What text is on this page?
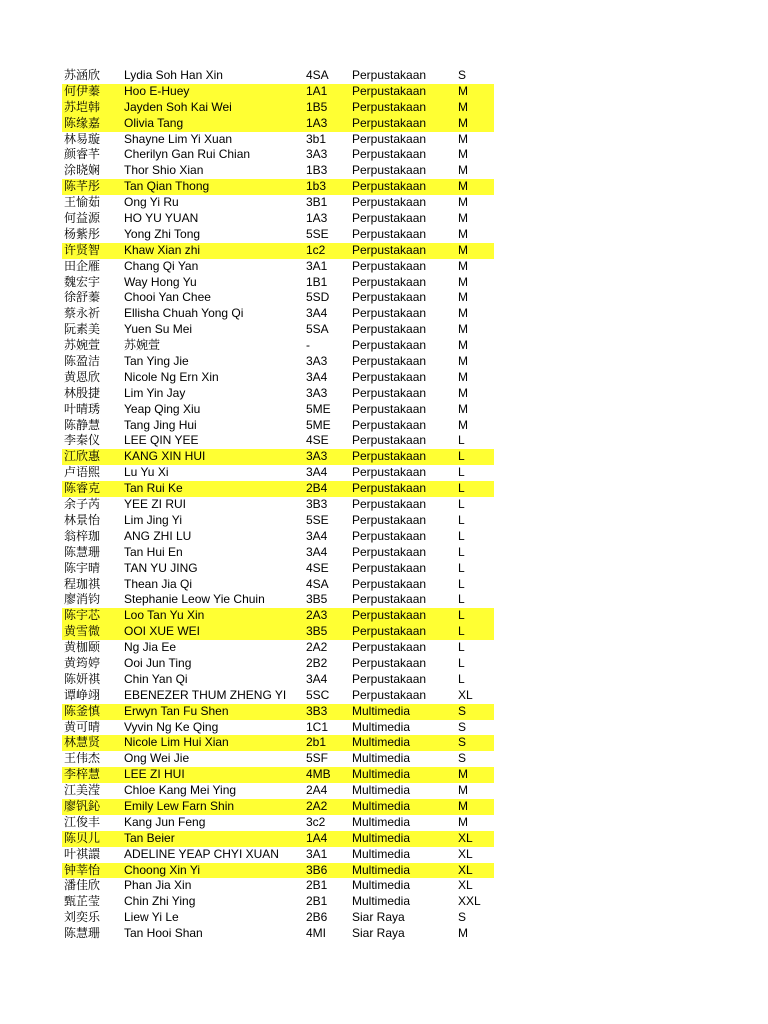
苏涵欣 Lydia Soh Han Xin	4SA Perpustakaan	S
何伊蓁 Hoo E-Huey	1A1 Perpustakaan	M
苏垲韩 Jayden Soh Kai Wei	1B5 Perpustakaan	M
陈缘嘉 Olivia Tang	1A3 Perpustakaan	M
林易璇 Shayne Lim Yi Xuan	3b1 Perpustakaan	M
颜睿芊 Cherilyn Gan Rui Chian	3A3 Perpustakaan	M
涂晓娴 Thor Shio Xian	1B3 Perpustakaan	M
陈芊彤 Tan Qian Thong	1b3 Perpustakaan	M
王愉茹 Ong Yi Ru	3B1 Perpustakaan	M
何益源 HO YU YUAN	1A3 Perpustakaan	M
杨紫彤 Yong Zhi Tong	5SE Perpustakaan	M
许贤智 Khaw Xian zhi	1c2 Perpustakaan	M
田企雁 Chang Qi Yan	3A1 Perpustakaan	M
魏宏宇 Way Hong Yu	1B1 Perpustakaan	M
徐舒蓁 Chooi Yan Chee	5SD Perpustakaan	M
蔡永祈 Ellisha Chuah Yong Qi	3A4 Perpustakaan	M
阮素美 Yuen Su Mei	5SA Perpustakaan	M
苏婉萱 苏婉萱	-	Perpustakaan	M
陈盈洁 Tan Ying Jie	3A3 Perpustakaan	M
黄恩欣 Nicole Ng Ern Xin	3A4 Perpustakaan	M
林殷捷 Lim Yin Jay	3A3 Perpustakaan	M
叶晴琇 Yeap Qing Xiu	5ME Perpustakaan	M
陈静慧 Tang Jing Hui	5ME Perpustakaan	M
李秦仪 LEE QIN YEE	4SE Perpustakaan	L
江欣惠 KANG XIN HUI	3A3 Perpustakaan	L
卢语熙 Lu Yu Xi	3A4 Perpustakaan	L
陈睿克 Tan Rui Ke	2B4 Perpustakaan	L
余子芮 YEE ZI RUI	3B3 Perpustakaan	L
林景怡 Lim Jing Yi	5SE Perpustakaan	L
翁梓珈 ANG ZHI LU	3A4 Perpustakaan	L
陈慧珊 Tan Hui En	3A4 Perpustakaan	L
陈宇晴 TAN YU JING	4SE Perpustakaan	L
程珈祺 Thean Jia Qi	4SA Perpustakaan	L
廖消钧 Stephanie Leow Yie Chuin	3B5 Perpustakaan	L
陈宇芯 Loo Tan Yu Xin	2A3 Perpustakaan	L
黄雪微 OOI XUE WEI	3B5 Perpustakaan	L
黄枷颐 Ng Jia Ee	2A2 Perpustakaan	L
黄筠婷 Ooi Jun Ting	2B2 Perpustakaan	L
陈妍祺 Chin Yan Qi	3A4 Perpustakaan	L
谭峥翊 EBENEZER THUM ZHENG YI 5SC Perpustakaan	XL
陈釜慎 Erwyn Tan Fu Shen	3B3 Multimedia	S
黄可晴 Vyvin Ng Ke Qing	1C1 Multimedia	S
林慧贤 Nicole Lim Hui Xian	2b1 Multimedia	S
王伟杰 Ong Wei Jie	5SF Multimedia	S
李梓慧 LEE ZI HUI	4MB Multimedia	M
江美滢 Chloe Kang Mei Ying	2A4 Multimedia	M
廖钒鈊 Emily Lew Farn Shin	2A2 Multimedia	M
江俊丰 Kang Jun Feng	3c2 Multimedia	M
陈贝儿 Tan Beier	1A4 Multimedia	XL
叶祺譞 ADELINE YEAP CHYI XUAN 3A1 Multimedia	XL
钟莘怡 Choong Xin Yi	3B6 Multimedia	XL
潘佳欣 Phan Jia Xin	2B1 Multimedia	XL
甄芷莹 Chin Zhi Ying	2B1 Multimedia	XXL
刘奕乐 Liew Yi Le	2B6 Siar Raya	S
陈慧珊 Tan Hooi Shan	4MI Siar Raya	M
